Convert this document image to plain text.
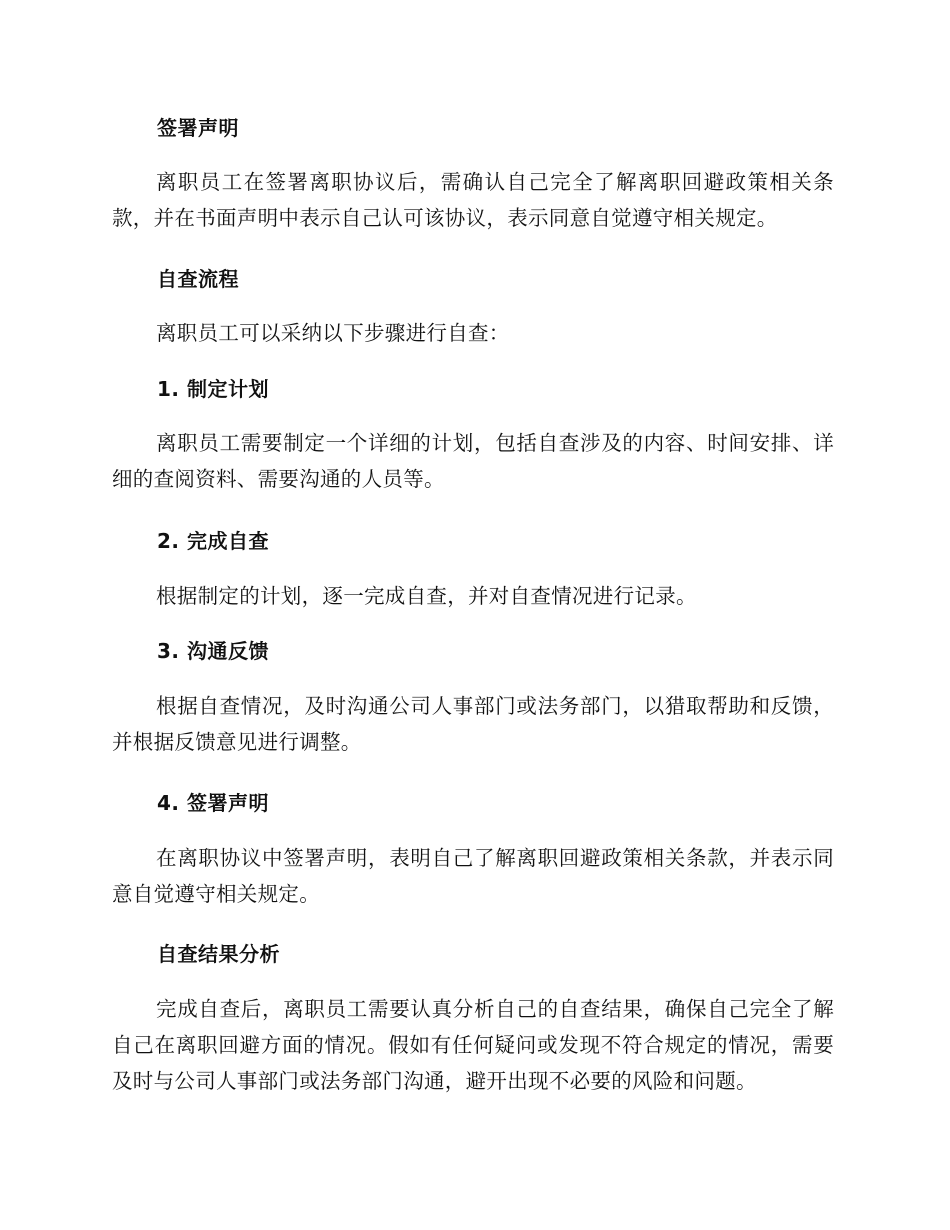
签署声明

离职员工在签署离职协议后，需确认自己完全了解离职回避政策相关条款，并在书面声明中表示自己认可该协议，表示同意自觉遵守相关规定。

自查流程

离职员工可以采纳以下步骤进行自查：

1. 制定计划

离职员工需要制定一个详细的计划，包括自查涉及的内容、时间安排、详细的查阅资料、需要沟通的人员等。

2. 完成自查

根据制定的计划，逐一完成自查，并对自查情况进行记录。

3. 沟通反馈

根据自查情况，及时沟通公司人事部门或法务部门，以猎取帮助和反馈，并根据反馈意见进行调整。

4. 签署声明

在离职协议中签署声明，表明自己了解离职回避政策相关条款，并表示同意自觉遵守相关规定。

自查结果分析

完成自查后，离职员工需要认真分析自己的自查结果，确保自己完全了解自己在离职回避方面的情况。假如有任何疑问或发现不符合规定的情况，需要及时与公司人事部门或法务部门沟通，避开出现不必要的风险和问题。
